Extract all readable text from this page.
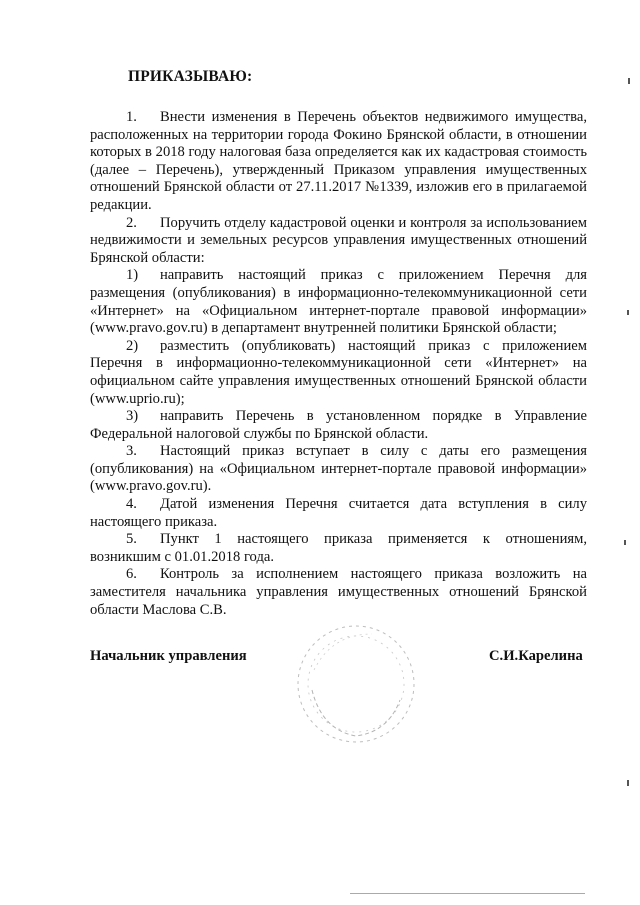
ПРИКАЗЫВАЮ:

1. Внести изменения в Перечень объектов недвижимого имущества, расположенных на территории города Фокино Брянской области, в отношении которых в 2018 году налоговая база определяется как их кадастровая стоимость (далее – Перечень), утвержденный Приказом управления имущественных отношений Брянской области от 27.11.2017 №1339, изложив его в прилагаемой редакции.

2. Поручить отделу кадастровой оценки и контроля за использованием недвижимости и земельных ресурсов управления имущественных отношений Брянской области:

1) направить настоящий приказ с приложением Перечня для размещения (опубликования) в информационно-телекоммуникационной сети «Интернет» на «Официальном интернет-портале правовой информации» (www.pravo.gov.ru) в департамент внутренней политики Брянской области;

2) разместить (опубликовать) настоящий приказ с приложением Перечня в информационно-телекоммуникационной сети «Интернет» на официальном сайте управления имущественных отношений Брянской области (www.uprio.ru);

3) направить Перечень в установленном порядке в Управление Федеральной налоговой службы по Брянской области.

3. Настоящий приказ вступает в силу с даты его размещения (опубликования) на «Официальном интернет-портале правовой информации» (www.pravo.gov.ru).

4. Датой изменения Перечня считается дата вступления в силу настоящего приказа.

5. Пункт 1 настоящего приказа применяется к отношениям, возникшим с 01.01.2018 года.

6. Контроль за исполнением настоящего приказа возложить на заместителя начальника управления имущественных отношений Брянской области Маслова С.В.

Начальник управления	С.И.Карелина
